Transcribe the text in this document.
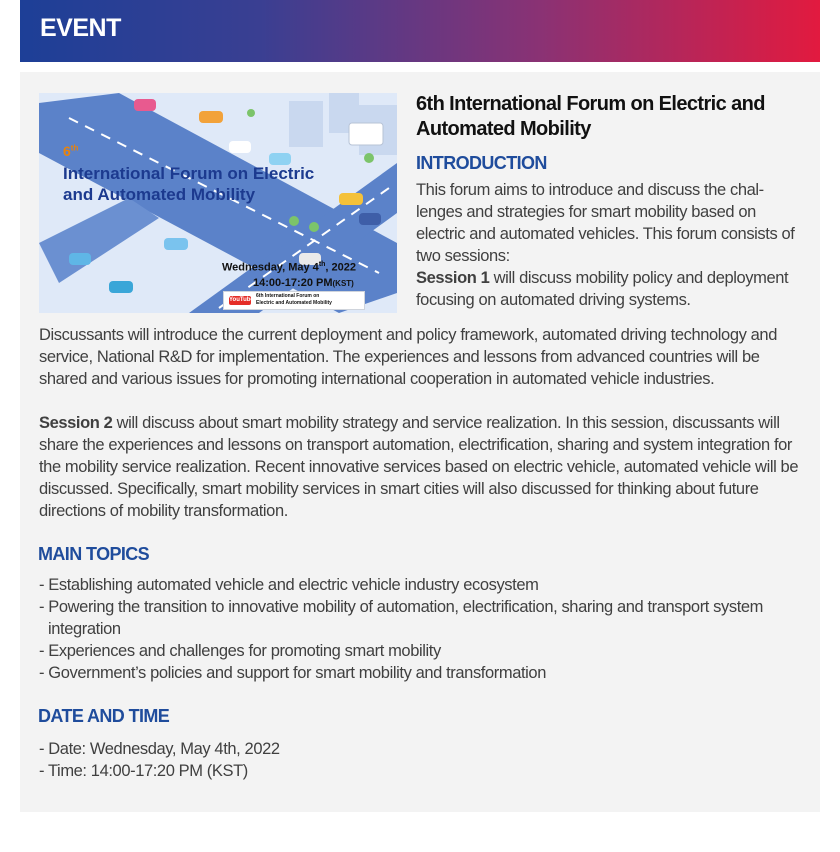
EVENT
6th
International Forum on Electric and Automated Mobility
Wednesday, May 4th, 2022
14:00-17:20 PM(KST)
YouTube
6th International Forum on
Electric and Automated Mobility
6th International Forum on Electric and Automated Mobility
INTRODUCTION
This forum aims to introduce and discuss the chal-lenges and strategies for smart mobility based on electric and automated vehicles. This forum consists of two sessions:
Session 1 will discuss mobility policy and deployment focusing on automated driving systems.
Discussants will introduce the current deployment and policy framework, automated driving technology and service, National R&D for implementation. The experiences and lessons from advanced countries will be shared and various issues for promoting international cooperation in automated vehicle industries.
Session 2 will discuss about smart mobility strategy and service realization. In this session, discussants will share the experiences and lessons on transport automation, electrification, sharing and system integration for the mobility service realization. Recent innovative services based on electric vehicle, automated vehicle will be discussed. Specifically, smart mobility services in smart cities will also discussed for thinking about future directions of mobility transformation.
MAIN TOPICS
- Establishing automated vehicle and electric vehicle industry ecosystem
- Powering the transition to innovative mobility of automation, electrification, sharing and transport system integration
- Experiences and challenges for promoting smart mobility
- Government’s policies and support for smart mobility and transformation
DATE AND TIME
- Date: Wednesday, May 4th, 2022
- Time: 14:00-17:20 PM (KST)
